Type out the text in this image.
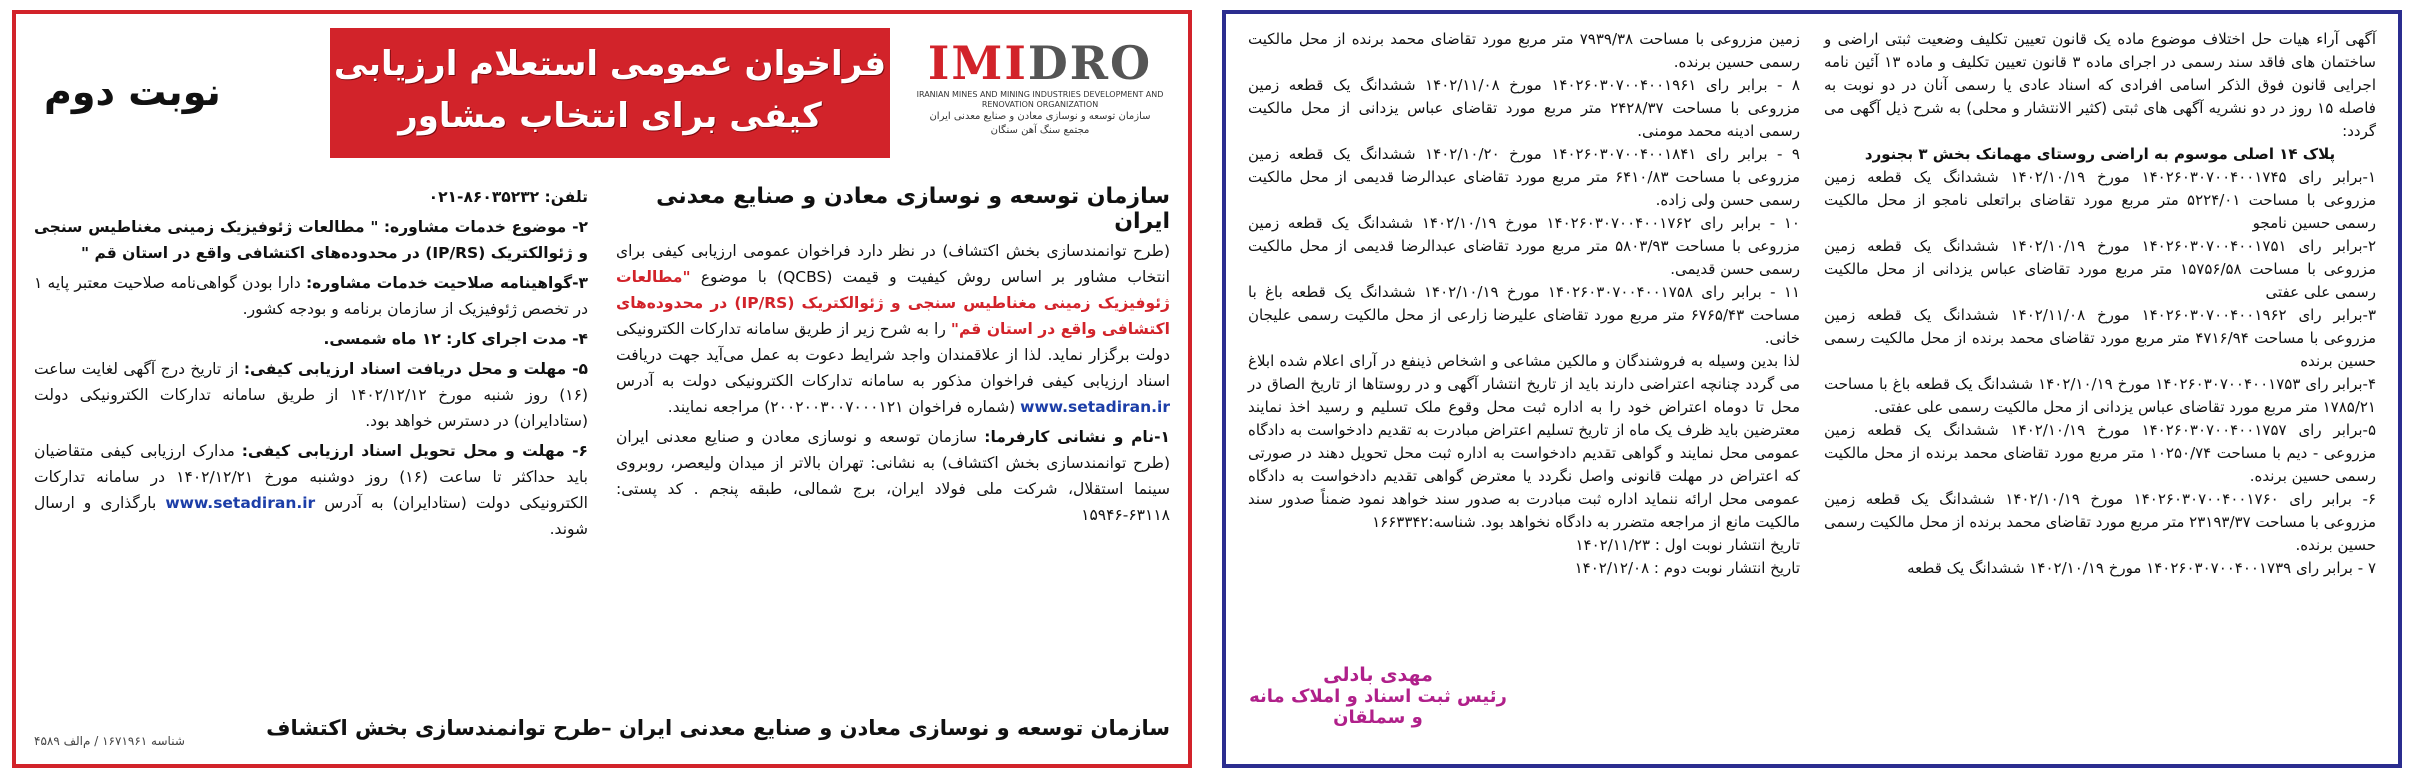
IMIDRO
IRANIAN MINES AND MINING INDUSTRIES DEVELOPMENT AND RENOVATION ORGANIZATION
سازمان توسعه و نوسازی معادن و صنایع معدنی ایران
مجتمع سنگ آهن سنگان
فراخوان عمومی استعلام ارزیابی
کیفی برای انتخاب مشاور
نوبت دوم
سازمان توسعه و نوسازی معادن و صنایع معدنی ایران

(طرح توانمندسازی بخش اکتشاف) در نظر دارد فراخوان عمومی ارزیابی کیفی برای انتخاب مشاور بر اساس روش کیفیت و قیمت (QCBS) با موضوع "مطالعات ژئوفیزیک زمینی مغناطیس سنجی و ژئوالکتریک (IP/RS) در محدوده‌های اکتشافی واقع در استان قم" را به شرح زیر از طریق سامانه تدارکات الکترونیکی دولت برگزار نماید. لذا از علاقمندان واجد شرایط دعوت به عمل می‌آید جهت دریافت اسناد ارزیابی کیفی فراخوان مذکور به سامانه تدارکات الکترونیکی دولت به آدرس www.setadiran.ir (شماره فراخوان ۲۰۰۲۰۰۳۰۰۷۰۰۰۱۲۱) مراجعه نمایند.

۱-نام و نشانی کارفرما: سازمان توسعه و نوسازی معادن و صنایع معدنی ایران (طرح توانمندسازی بخش اکتشاف) به نشانی: تهران بالاتر از میدان ولیعصر، روبروی سینما استقلال، شرکت ملی فولاد ایران، برج شمالی، طبقه پنجم . کد پستی: ۶۳۱۱۸-۱۵۹۴۶

تلفن: ۸۶۰۳۵۲۳۲-۰۲۱

۲- موضوع خدمات مشاوره: " مطالعات ژئوفیزیک زمینی مغناطیس سنجی و ژئوالکتریک (IP/RS) در محدوده‌های اکتشافی واقع در استان قم "

۳-گواهینامه صلاحیت خدمات مشاوره: دارا بودن گواهی‌نامه صلاحیت معتبر پایه ۱ در تخصص ژئوفیزیک از سازمان برنامه و بودجه کشور.

۴- مدت اجرای کار: ۱۲ ماه شمسی.

۵- مهلت و محل دریافت اسناد ارزیابی کیفی: از تاریخ درج آگهی لغایت ساعت (۱۶) روز شنبه مورخ ۱۴۰۲/۱۲/۱۲ از طریق سامانه تدارکات الکترونیکی دولت (ستادایران) در دسترس خواهد بود.

۶- مهلت و محل تحویل اسناد ارزیابی کیفی: مدارک ارزیابی کیفی متقاضیان باید حداکثر تا ساعت (۱۶) روز دوشنبه مورخ ۱۴۰۲/۱۲/۲۱ در سامانه تدارکات الکترونیکی دولت (ستادایران) به آدرس www.setadiran.ir بارگذاری و ارسال شوند.

سازمان توسعه و نوسازی معادن و صنایع معدنی ایران –طرح توانمندسازی بخش اکتشاف
شناسه ۱۶۷۱۹۶۱ / م‌الف ۴۵۸۹

آگهی آراء هیات حل اختلاف موضوع ماده یک قانون تعیین تکلیف وضعیت ثبتی اراضی و ساختمان های فاقد سند رسمی در اجرای ماده ۳ قانون تعیین تکلیف و ماده ۱۳ آئین نامه اجرایی قانون فوق الذکر اسامی افرادی که اسناد عادی یا رسمی آنان در دو نوبت به فاصله ۱۵ روز در دو نشریه آگهی های ثبتی (کثیر الانتشار و محلی) به شرح ذیل آگهی می گردد:

پلاک ۱۴ اصلی موسوم به اراضی روستای مهمانک بخش ۳ بجنورد

۱-برابر رای ۱۴۰۲۶۰۳۰۷۰۰۴۰۰۱۷۴۵ مورخ ۱۴۰۲/۱۰/۱۹ ششدانگ یک قطعه زمین مزروعی با مساحت ۵۲۲۴/۰۱ متر مربع مورد تقاضای براتعلی نامجو از محل مالکیت رسمی حسین نامجو

۲-برابر رای ۱۴۰۲۶۰۳۰۷۰۰۴۰۰۱۷۵۱ مورخ ۱۴۰۲/۱۰/۱۹ ششدانگ یک قطعه زمین مزروعی با مساحت ۱۵۷۵۶/۵۸ متر مربع مورد تقاضای عباس یزدانی از محل مالکیت رسمی علی عفتی

۳-برابر رای ۱۴۰۲۶۰۳۰۷۰۰۴۰۰۱۹۶۲ مورخ ۱۴۰۲/۱۱/۰۸ ششدانگ یک قطعه زمین مزروعی با مساحت ۴۷۱۶/۹۴ متر مربع مورد تقاضای محمد برنده از محل مالکیت رسمی حسین برنده

۴-برابر رای ۱۴۰۲۶۰۳۰۷۰۰۴۰۰۱۷۵۳ مورخ ۱۴۰۲/۱۰/۱۹ ششدانگ یک قطعه باغ با مساحت ۱۷۸۵/۲۱ متر مربع مورد تقاضای عباس یزدانی از محل مالکیت رسمی علی عفتی.

۵-برابر رای ۱۴۰۲۶۰۳۰۷۰۰۴۰۰۱۷۵۷ مورخ ۱۴۰۲/۱۰/۱۹ ششدانگ یک قطعه زمین مزروعی - دیم با مساحت ۱۰۲۵۰/۷۴ متر مربع مورد تقاضای محمد برنده از محل مالکیت رسمی حسین برنده.

۶- برابر رای ۱۴۰۲۶۰۳۰۷۰۰۴۰۰۱۷۶۰ مورخ ۱۴۰۲/۱۰/۱۹ ششدانگ یک قطعه زمین مزروعی با مساحت ۲۳۱۹۳/۳۷ متر مربع مورد تقاضای محمد برنده از محل مالکیت رسمی حسین برنده.

۷ - برابر رای ۱۴۰۲۶۰۳۰۷۰۰۴۰۰۱۷۳۹ مورخ ۱۴۰۲/۱۰/۱۹ ششدانگ یک قطعه

زمین مزروعی با مساحت ۷۹۳۹/۳۸ متر مربع مورد تقاضای محمد برنده از محل مالکیت رسمی حسین برنده.

۸ - برابر رای ۱۴۰۲۶۰۳۰۷۰۰۴۰۰۱۹۶۱ مورخ ۱۴۰۲/۱۱/۰۸ ششدانگ یک قطعه زمین مزروعی با مساحت ۲۴۲۸/۳۷ متر مربع مورد تقاضای عباس یزدانی از محل مالکیت رسمی ادینه محمد مومنی.

۹ - برابر رای ۱۴۰۲۶۰۳۰۷۰۰۴۰۰۱۸۴۱ مورخ ۱۴۰۲/۱۰/۲۰ ششدانگ یک قطعه زمین مزروعی با مساحت ۶۴۱۰/۸۳ متر مربع مورد تقاضای عبدالرضا قدیمی از محل مالکیت رسمی حسن ولی زاده.

۱۰ - برابر رای ۱۴۰۲۶۰۳۰۷۰۰۴۰۰۱۷۶۲ مورخ ۱۴۰۲/۱۰/۱۹ ششدانگ یک قطعه زمین مزروعی با مساحت ۵۸۰۳/۹۳ متر مربع مورد تقاضای عبدالرضا قدیمی از محل مالکیت رسمی حسن قدیمی.

۱۱ - برابر رای ۱۴۰۲۶۰۳۰۷۰۰۴۰۰۱۷۵۸ مورخ ۱۴۰۲/۱۰/۱۹ ششدانگ یک قطعه باغ با مساحت ۶۷۶۵/۴۳ متر مربع مورد تقاضای علیرضا زارعی از محل مالکیت رسمی علیجان خانی.

لذا بدین وسیله به فروشندگان و مالکین مشاعی و اشخاص ذینفع در آرای اعلام شده ابلاغ می گردد چنانچه اعتراضی دارند باید از تاریخ انتشار آگهی و در روستاها از تاریخ الصاق در محل تا دوماه اعتراض خود را به اداره ثبت محل وقوع ملک تسلیم و رسید اخذ نمایند معترضین باید ظرف یک ماه از تاریخ تسلیم اعتراض مبادرت به تقدیم دادخواست به دادگاه عمومی محل نمایند و گواهی تقدیم دادخواست به اداره ثبت محل تحویل دهند در صورتی که اعتراض در مهلت قانونی واصل نگردد یا معترض گواهی تقدیم دادخواست به دادگاه عمومی محل ارائه ننماید اداره ثبت مبادرت به صدور سند خواهد نمود ضمناً صدور سند مالکیت مانع از مراجعه متضرر به دادگاه نخواهد بود. شناسه:۱۶۶۳۳۴۲

تاریخ انتشار نوبت اول : ۱۴۰۲/۱۱/۲۳
تاریخ انتشار نوبت دوم : ۱۴۰۲/۱۲/۰۸
مهدی بادلی
رئیس ثبت اسناد و املاک مانه و سملقان
